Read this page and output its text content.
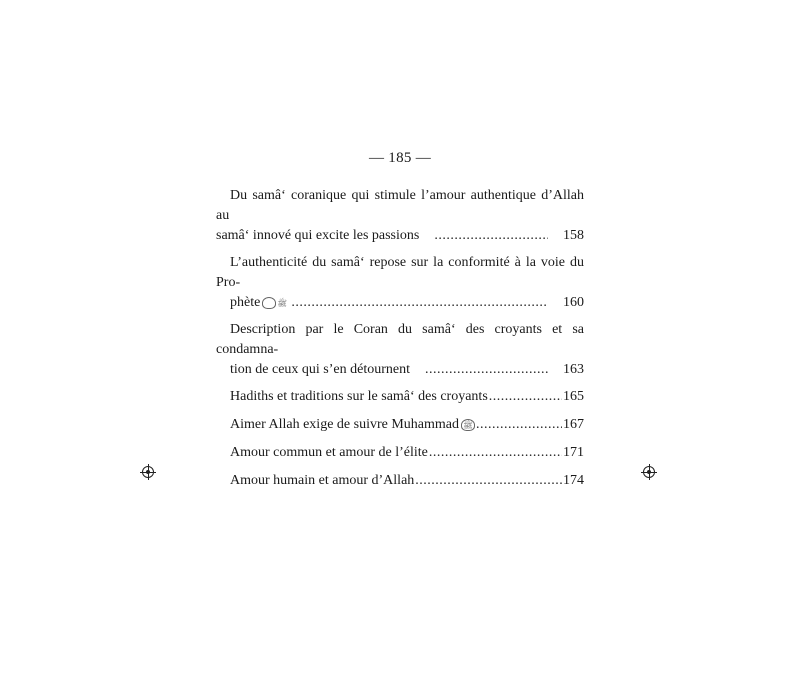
— 185 —
Du samâ‘ coranique qui stimule l’amour authentique d’Allah au
samâ‘ innové qui excite les passions .....	158
L’authenticité du samâ‘ repose sur la conformité à la voie du Pro-
phète ﷺ .....	160
Description par le Coran du samâ‘ des croyants et sa condamna-
tion de ceux qui s’en détournent .....	163
Hadiths et traditions sur le samâ‘ des croyants .....	165
Aimer Allah exige de suivre Muhammad ﷺ .....	167
Amour commun et amour de l’élite .....	171
Amour humain et amour d’Allah .....	174
